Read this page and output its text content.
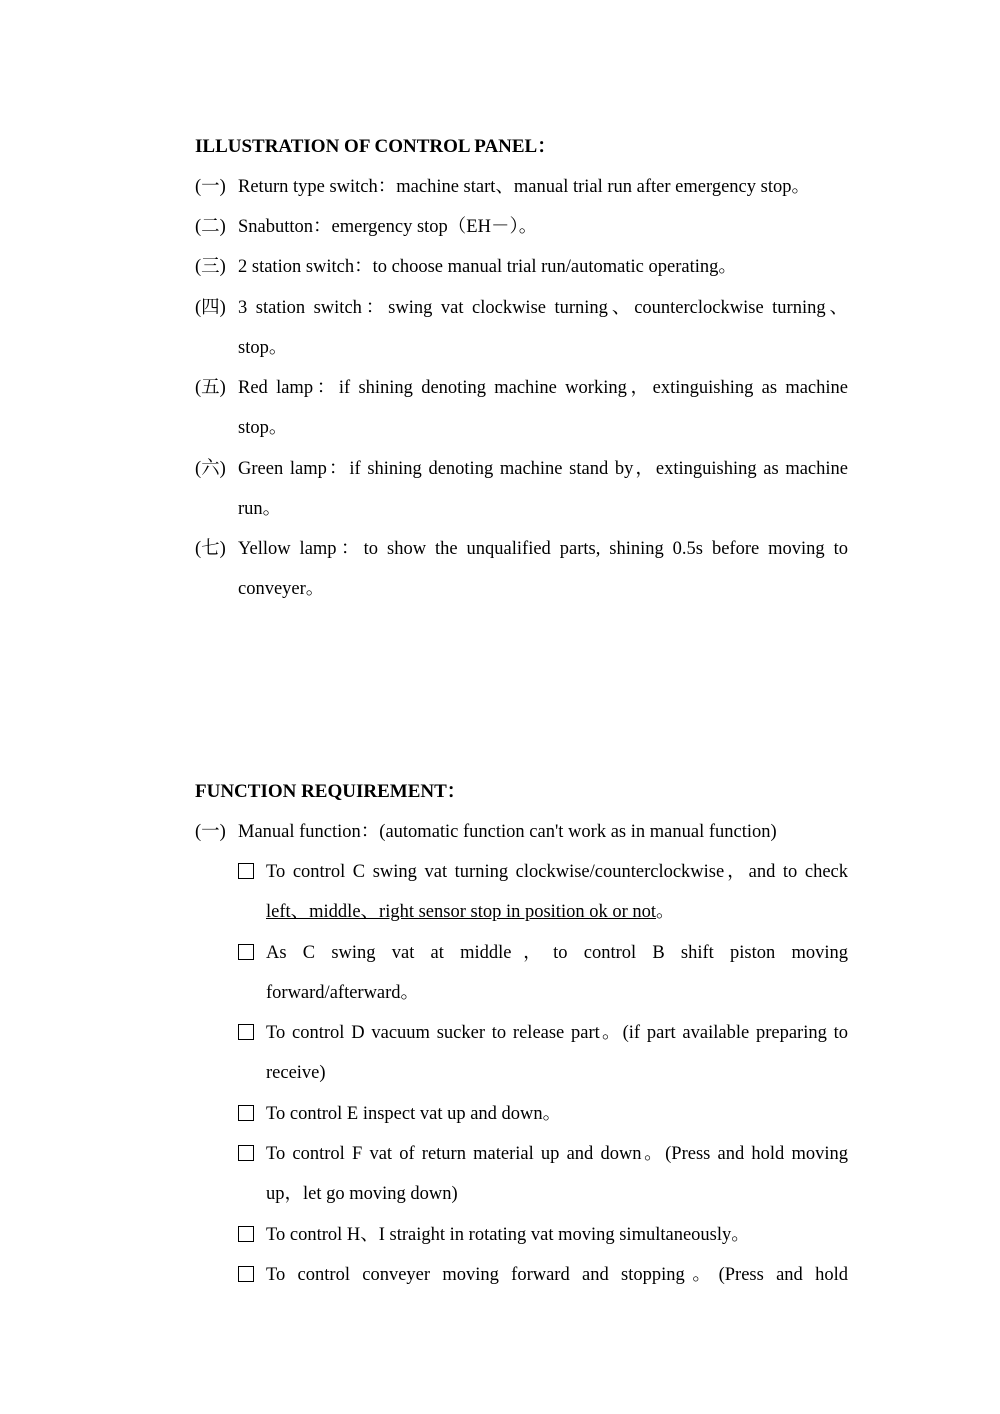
ILLUSTRATION OF CONTROL PANEL：
(一) Return type switch：machine start、manual trial run after emergency stop。
(二) Snabutton：emergency stop（EH－）。
(三) 2 station switch：to choose manual trial run/automatic operating。
(四) 3 station switch：swing vat clockwise turning、counterclockwise turning、stop。
(五) Red lamp：if shining denoting machine working，extinguishing as machine stop。
(六) Green lamp：if shining denoting machine stand by，extinguishing as machine run。
(七) Yellow lamp：to show the unqualified parts, shining 0.5s before moving to conveyer。
FUNCTION REQUIREMENT：
(一) Manual function：(automatic function can't work as in manual function)
To control C swing vat turning clockwise/counterclockwise，and to check left、middle、right sensor stop in position ok or not。
As C swing vat at middle，to control B shift piston moving forward/afterward。
To control D vacuum sucker to release part。(if part available preparing to receive)
To control E inspect vat up and down。
To control F vat of return material up and down。(Press and hold moving up，let go moving down)
To control H、I straight in rotating vat moving simultaneously。
To control conveyer moving forward and stopping。(Press and hold
